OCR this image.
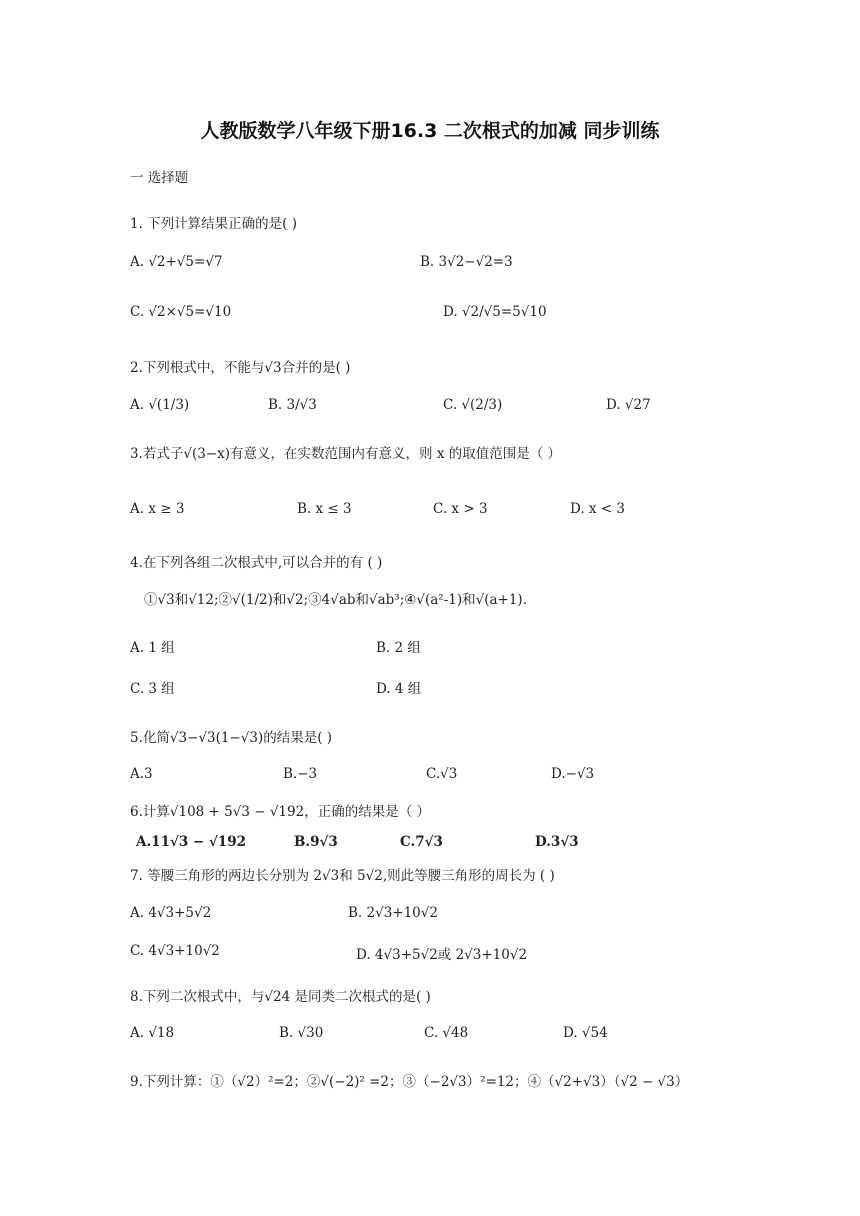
人教版数学八年级下册16.3 二次根式的加减 同步训练
一 选择题
1. 下列计算结果正确的是( )
A. √2+√5=√7	B. 3√2−√2=3
C. √2×√5=√10	D. √2/√5=5√10
2.下列根式中，不能与√3合并的是( )
A. √(1/3)	B. 3/√3	C. √(2/3)	D. √27
3.若式子√(3−x)有意义，在实数范围内有意义，则 x 的取值范围是（ ）
A. x ≥ 3	B. x ≤ 3	C. x > 3	D. x < 3
4.在下列各组二次根式中,可以合并的有 ( )
①√3和√12;②√(1/2)和√2;③4√ab和√ab³;④√(a²-1)和√(a+1).
A. 1 组	B. 2 组
C. 3 组	D. 4 组
5.化简√3−√3(1−√3)的结果是( )
A.3	B.−3	C.√3	D.−√3
6.计算√108 + 5√3 − √192，正确的结果是（ ）
A.11√3 − √192	B.9√3	C.7√3	D.3√3
7. 等腰三角形的两边长分别为 2√3和 5√2,则此等腰三角形的周长为 ( )
A. 4√3+5√2	B. 2√3+10√2
C. 4√3+10√2	D. 4√3+5√2或 2√3+10√2
8.下列二次根式中，与√24 是同类二次根式的是( )
A. √18	B. √30	C. √48	D. √54
9.下列计算：①（√2）²=2；②√(−2)² =2；③（−2√3）²=12；④（√2+√3）（√2 − √3）
